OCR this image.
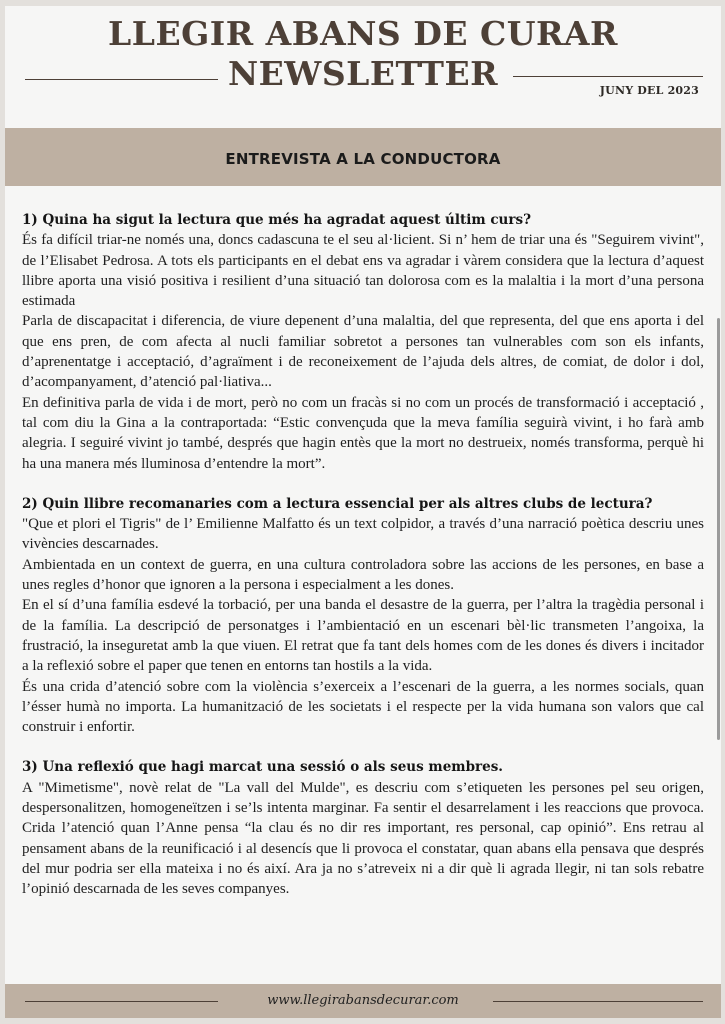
LLEGIR ABANS DE CURAR
NEWSLETTER	JUNY DEL 2023
ENTREVISTA A LA CONDUCTORA

1) Quina ha sigut la lectura que més ha agradat aquest últim curs?

És fa difícil triar-ne només una, doncs cadascuna te el seu al·licient. Si n’ hem de triar una és "Seguirem vivint", de l’Elisabet Pedrosa. A tots els participants en el debat ens va agradar i vàrem considera que la lectura d’aquest llibre aporta una visió positiva i resilient d’una situació tan dolorosa com es la malaltia i la mort d’una persona estimada

Parla de discapacitat i diferencia, de viure depenent d’una malaltia, del que representa, del que ens aporta i del que ens pren, de com afecta al nucli familiar sobretot a persones tan vulnerables com son els infants, d’aprenentatge i acceptació, d’agraïment i de reconeixement de l’ajuda dels altres, de comiat, de dolor i dol, d’acompanyament, d’atenció pal·liativa...

En definitiva parla de vida i de mort, però no com un fracàs si no com un procés de transformació i acceptació , tal com diu la Gina a la contraportada: “Estic convençuda que la meva família seguirà vivint, i ho farà amb alegria. I seguiré vivint jo també, després que hagin entès que la mort no destrueix, només transforma, perquè hi ha una manera més lluminosa d’entendre la mort”.

2) Quin llibre recomanaries com a lectura essencial per als altres clubs de lectura?

"Que et plori el Tigris" de l’ Emilienne Malfatto és un text colpidor, a través d’una narració poètica descriu unes vivències descarnades.

Ambientada en un context de guerra, en una cultura controladora sobre las accions de les persones, en base a unes regles d’honor que ignoren a la persona i especialment a les dones.

En el sí d’una família esdevé la torbació, per una banda el desastre de la guerra, per l’altra la tragèdia personal i de la família. La descripció de personatges i l’ambientació en un escenari bèl·lic transmeten l’angoixa, la frustració, la inseguretat amb la que viuen. El retrat que fa tant dels homes com de les dones és divers i incitador a la reflexió sobre el paper que tenen en entorns tan hostils a la vida.

És una crida d’atenció sobre com la violència s’exerceix a l’escenari de la guerra, a les normes socials, quan l’ésser humà no importa. La humanització de les societats i el respecte per la vida humana son valors que cal construir i enfortir.

3) Una reflexió que hagi marcat una sessió o als seus membres.

A "Mimetisme", novè relat de "La vall del Mulde", es descriu com s’etiqueten les persones pel seu origen, despersonalitzen, homogeneïtzen i se’ls intenta marginar. Fa sentir el desarrelament i les reaccions que provoca. Crida l’atenció quan l’Anne pensa “la clau és no dir res important, res personal, cap opinió”. Ens retrau al pensament abans de la reunificació i al desencís que li provoca el constatar, quan abans ella pensava que després del mur podria ser ella mateixa i no és així. Ara ja no s’atreveix ni a dir què li agrada llegir, ni tan sols rebatre l’opinió descarnada de les seves companyes.

www.llegirabansdecurar.com
